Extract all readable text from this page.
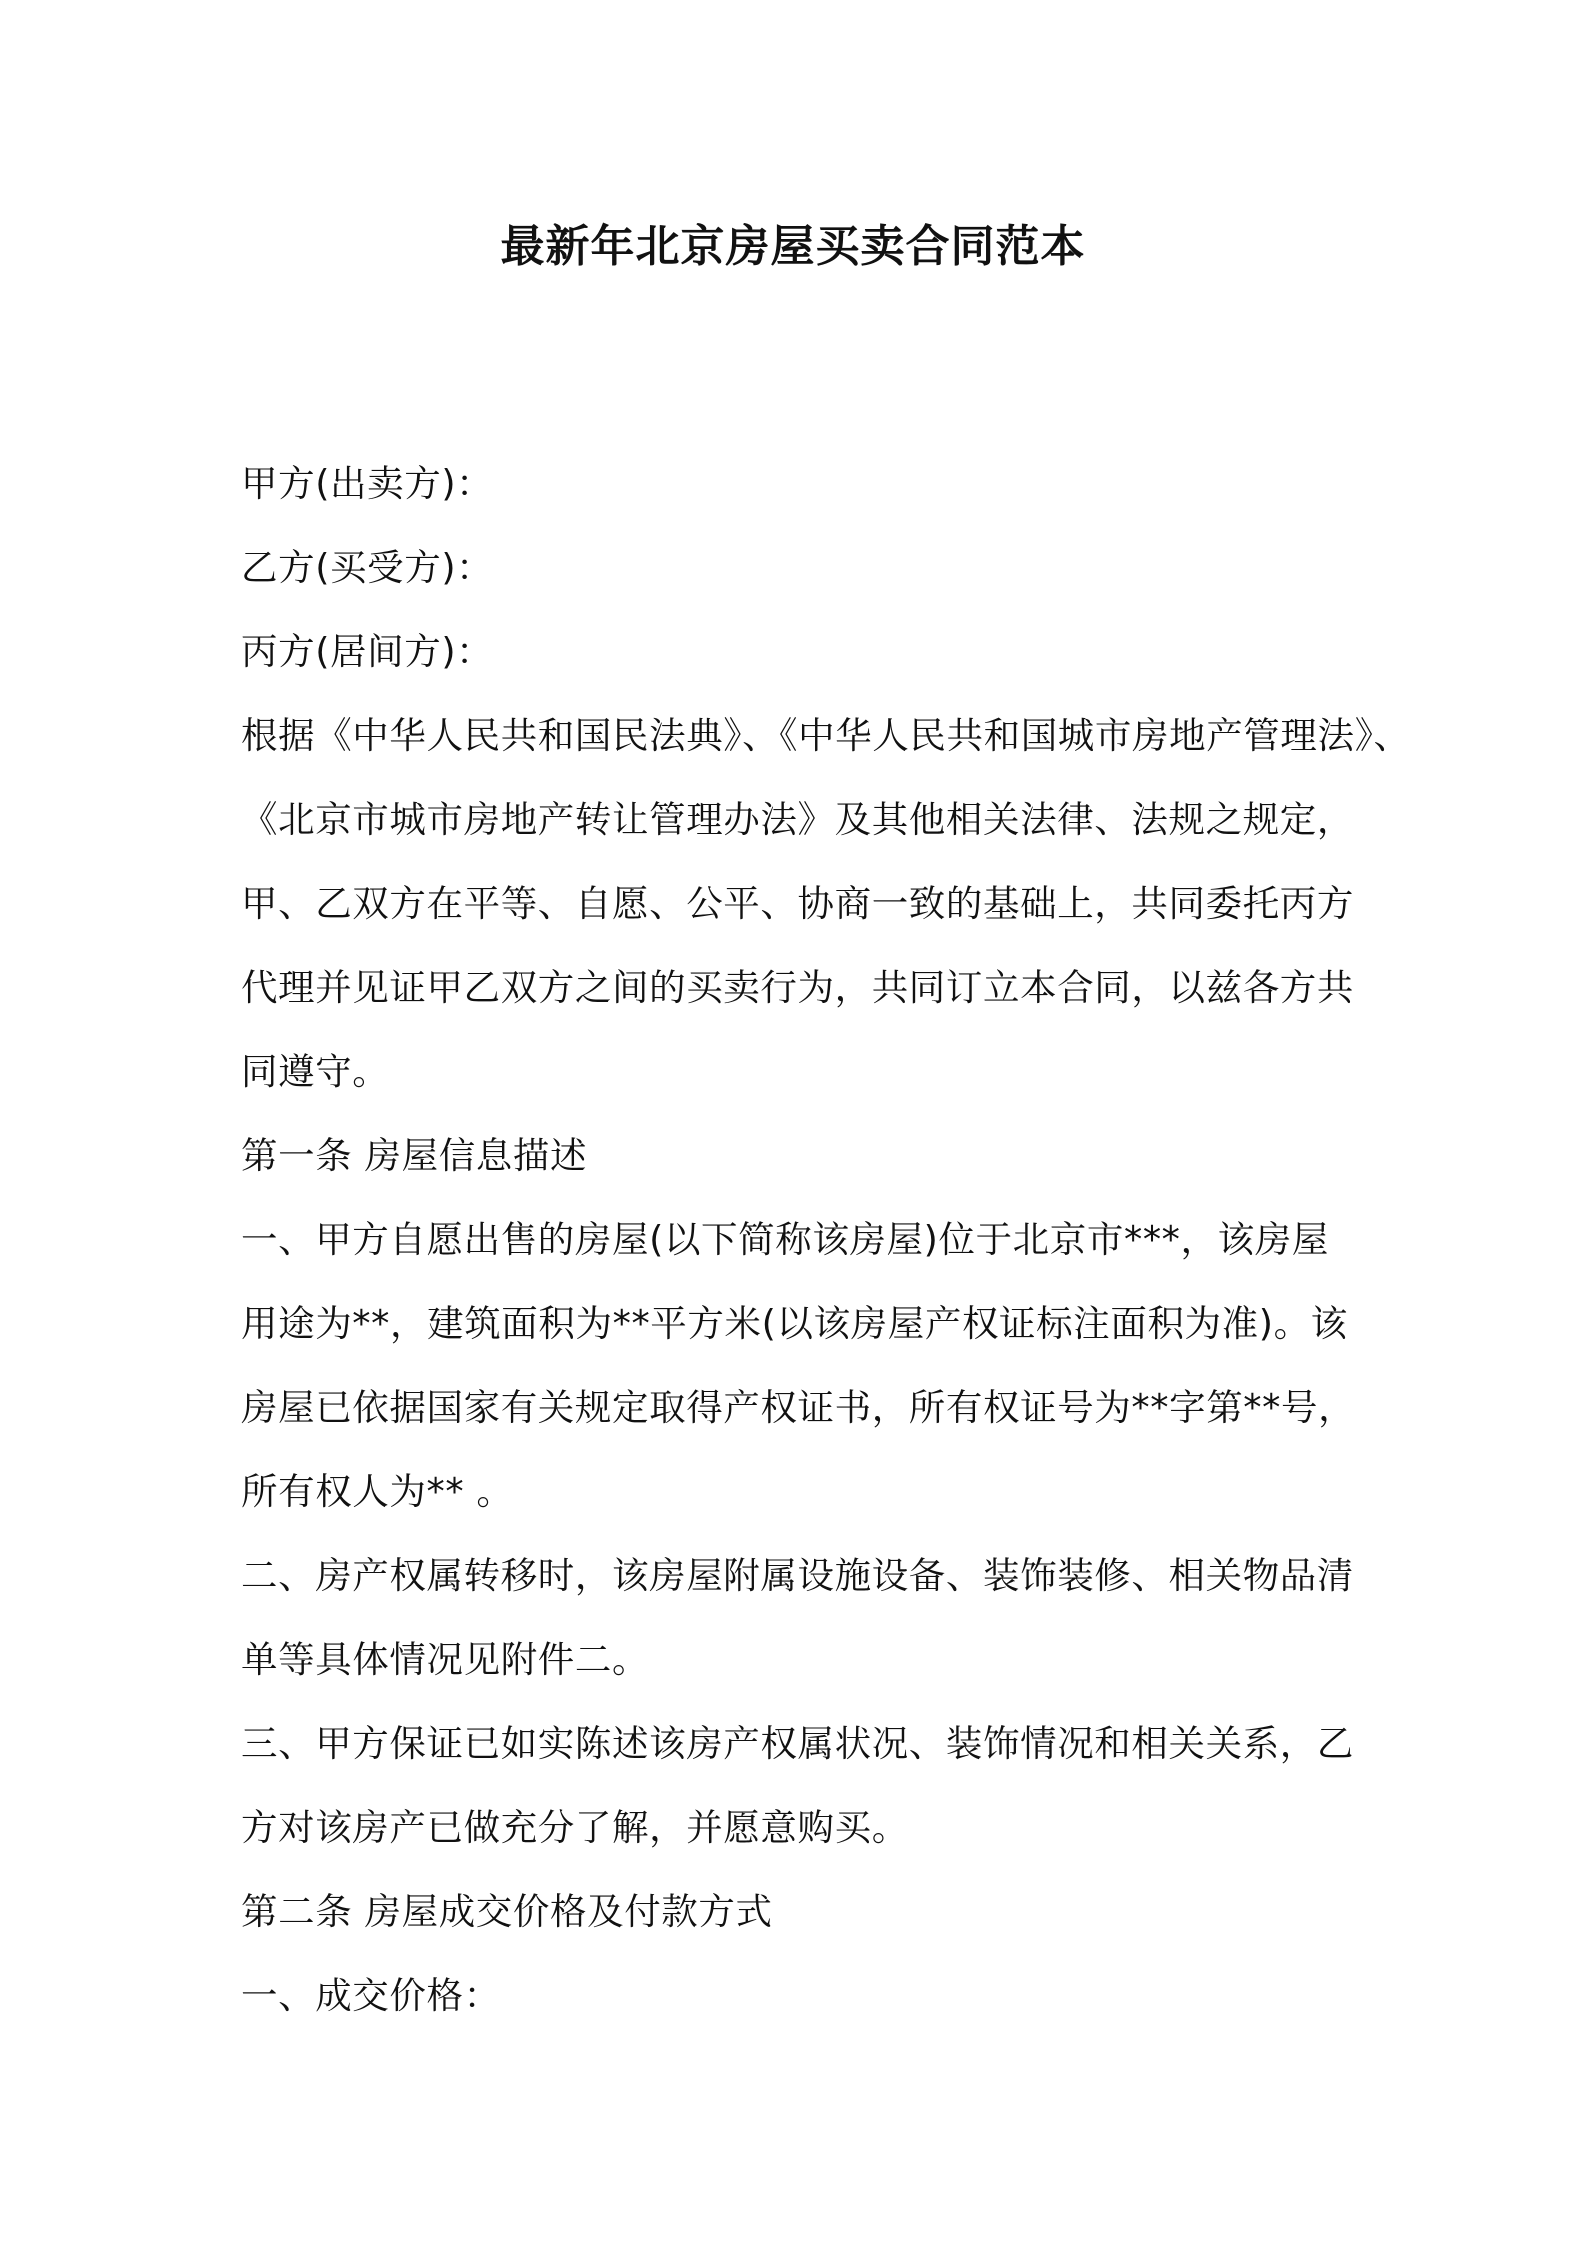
最新年北京房屋买卖合同范本
甲方(出卖方)：
乙方(买受方)：
丙方(居间方)：
根据《中华人民共和国民法典》、《中华人民共和国城市房地产管理法》、
《北京市城市房地产转让管理办法》及其他相关法律、法规之规定，
甲、乙双方在平等、自愿、公平、协商一致的基础上，共同委托丙方
代理并见证甲乙双方之间的买卖行为，共同订立本合同，以兹各方共
同遵守。
第一条 房屋信息描述
一、甲方自愿出售的房屋(以下简称该房屋)位于北京市***，该房屋
用途为**，建筑面积为**平方米(以该房屋产权证标注面积为准)。该
房屋已依据国家有关规定取得产权证书，所有权证号为**字第**号，
所有权人为** 。
二、房产权属转移时，该房屋附属设施设备、装饰装修、相关物品清
单等具体情况见附件二。
三、甲方保证已如实陈述该房产权属状况、装饰情况和相关关系，乙
方对该房产已做充分了解，并愿意购买。
第二条 房屋成交价格及付款方式
一、成交价格：
